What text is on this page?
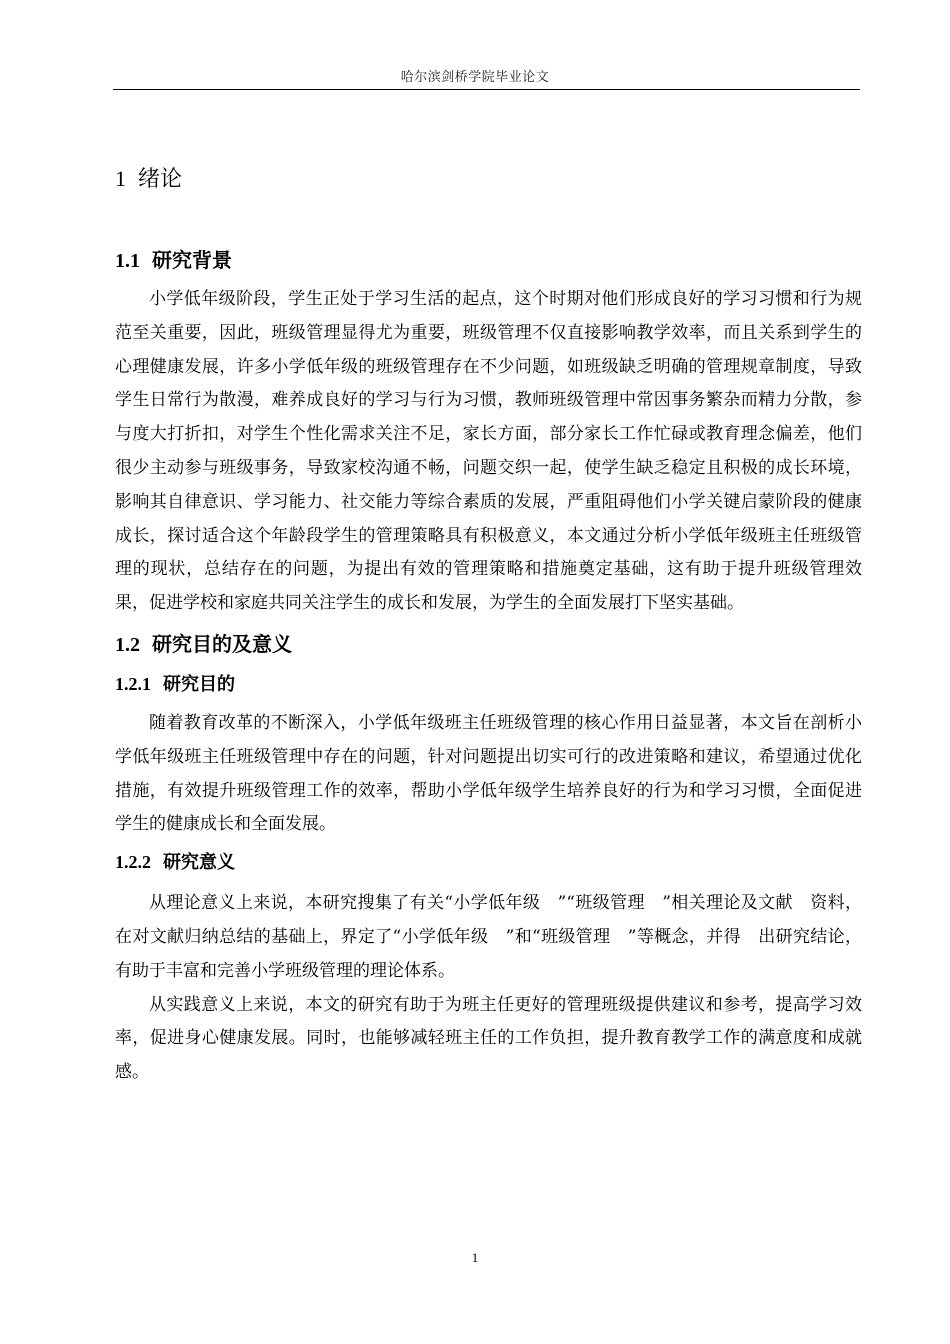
哈尔滨剑桥学院毕业论文
1 绪论
1.1 研究背景

小学低年级阶段，学生正处于学习生活的起点，这个时期对他们形成良好的学习习惯和行为规范至关重要，因此，班级管理显得尤为重要，班级管理不仅直接影响教学效率，而且关系到学生的心理健康发展，许多小学低年级的班级管理存在不少问题，如班级缺乏明确的管理规章制度，导致学生日常行为散漫，难养成良好的学习与行为习惯，教师班级管理中常因事务繁杂而精力分散，参与度大打折扣，对学生个性化需求关注不足，家长方面，部分家长工作忙碌或教育理念偏差，他们很少主动参与班级事务，导致家校沟通不畅，问题交织一起，使学生缺乏稳定且积极的成长环境，影响其自律意识、学习能力、社交能力等综合素质的发展，严重阻碍他们小学关键启蒙阶段的健康成长，探讨适合这个年龄段学生的管理策略具有积极意义，本文通过分析小学低年级班主任班级管理的现状，总结存在的问题，为提出有效的管理策略和措施奠定基础，这有助于提升班级管理效果，促进学校和家庭共同关注学生的成长和发展，为学生的全面发展打下坚实基础。

1.2 研究目的及意义
1.2.1 研究目的

随着教育改革的不断深入，小学低年级班主任班级管理的核心作用日益显著，本文旨在剖析小学低年级班主任班级管理中存在的问题，针对问题提出切实可行的改进策略和建议，希望通过优化措施，有效提升班级管理工作的效率，帮助小学低年级学生培养良好的行为和学习习惯，全面促进学生的健康成长和全面发展。

1.2.2 研究意义

从理论意义上来说，本研究搜集了有关“小学低年级　”“班级管理　”相关理论及文献　资料，在对文献归纳总结的基础上，界定了“小学低年级　”和“班级管理　”等概念，并得　出研究结论，有助于丰富和完善小学班级管理的理论体系。

从实践意义上来说，本文的研究有助于为班主任更好的管理班级提供建议和参考，提高学习效率，促进身心健康发展。同时，也能够减轻班主任的工作负担，提升教育教学工作的满意度和成就感。

1
